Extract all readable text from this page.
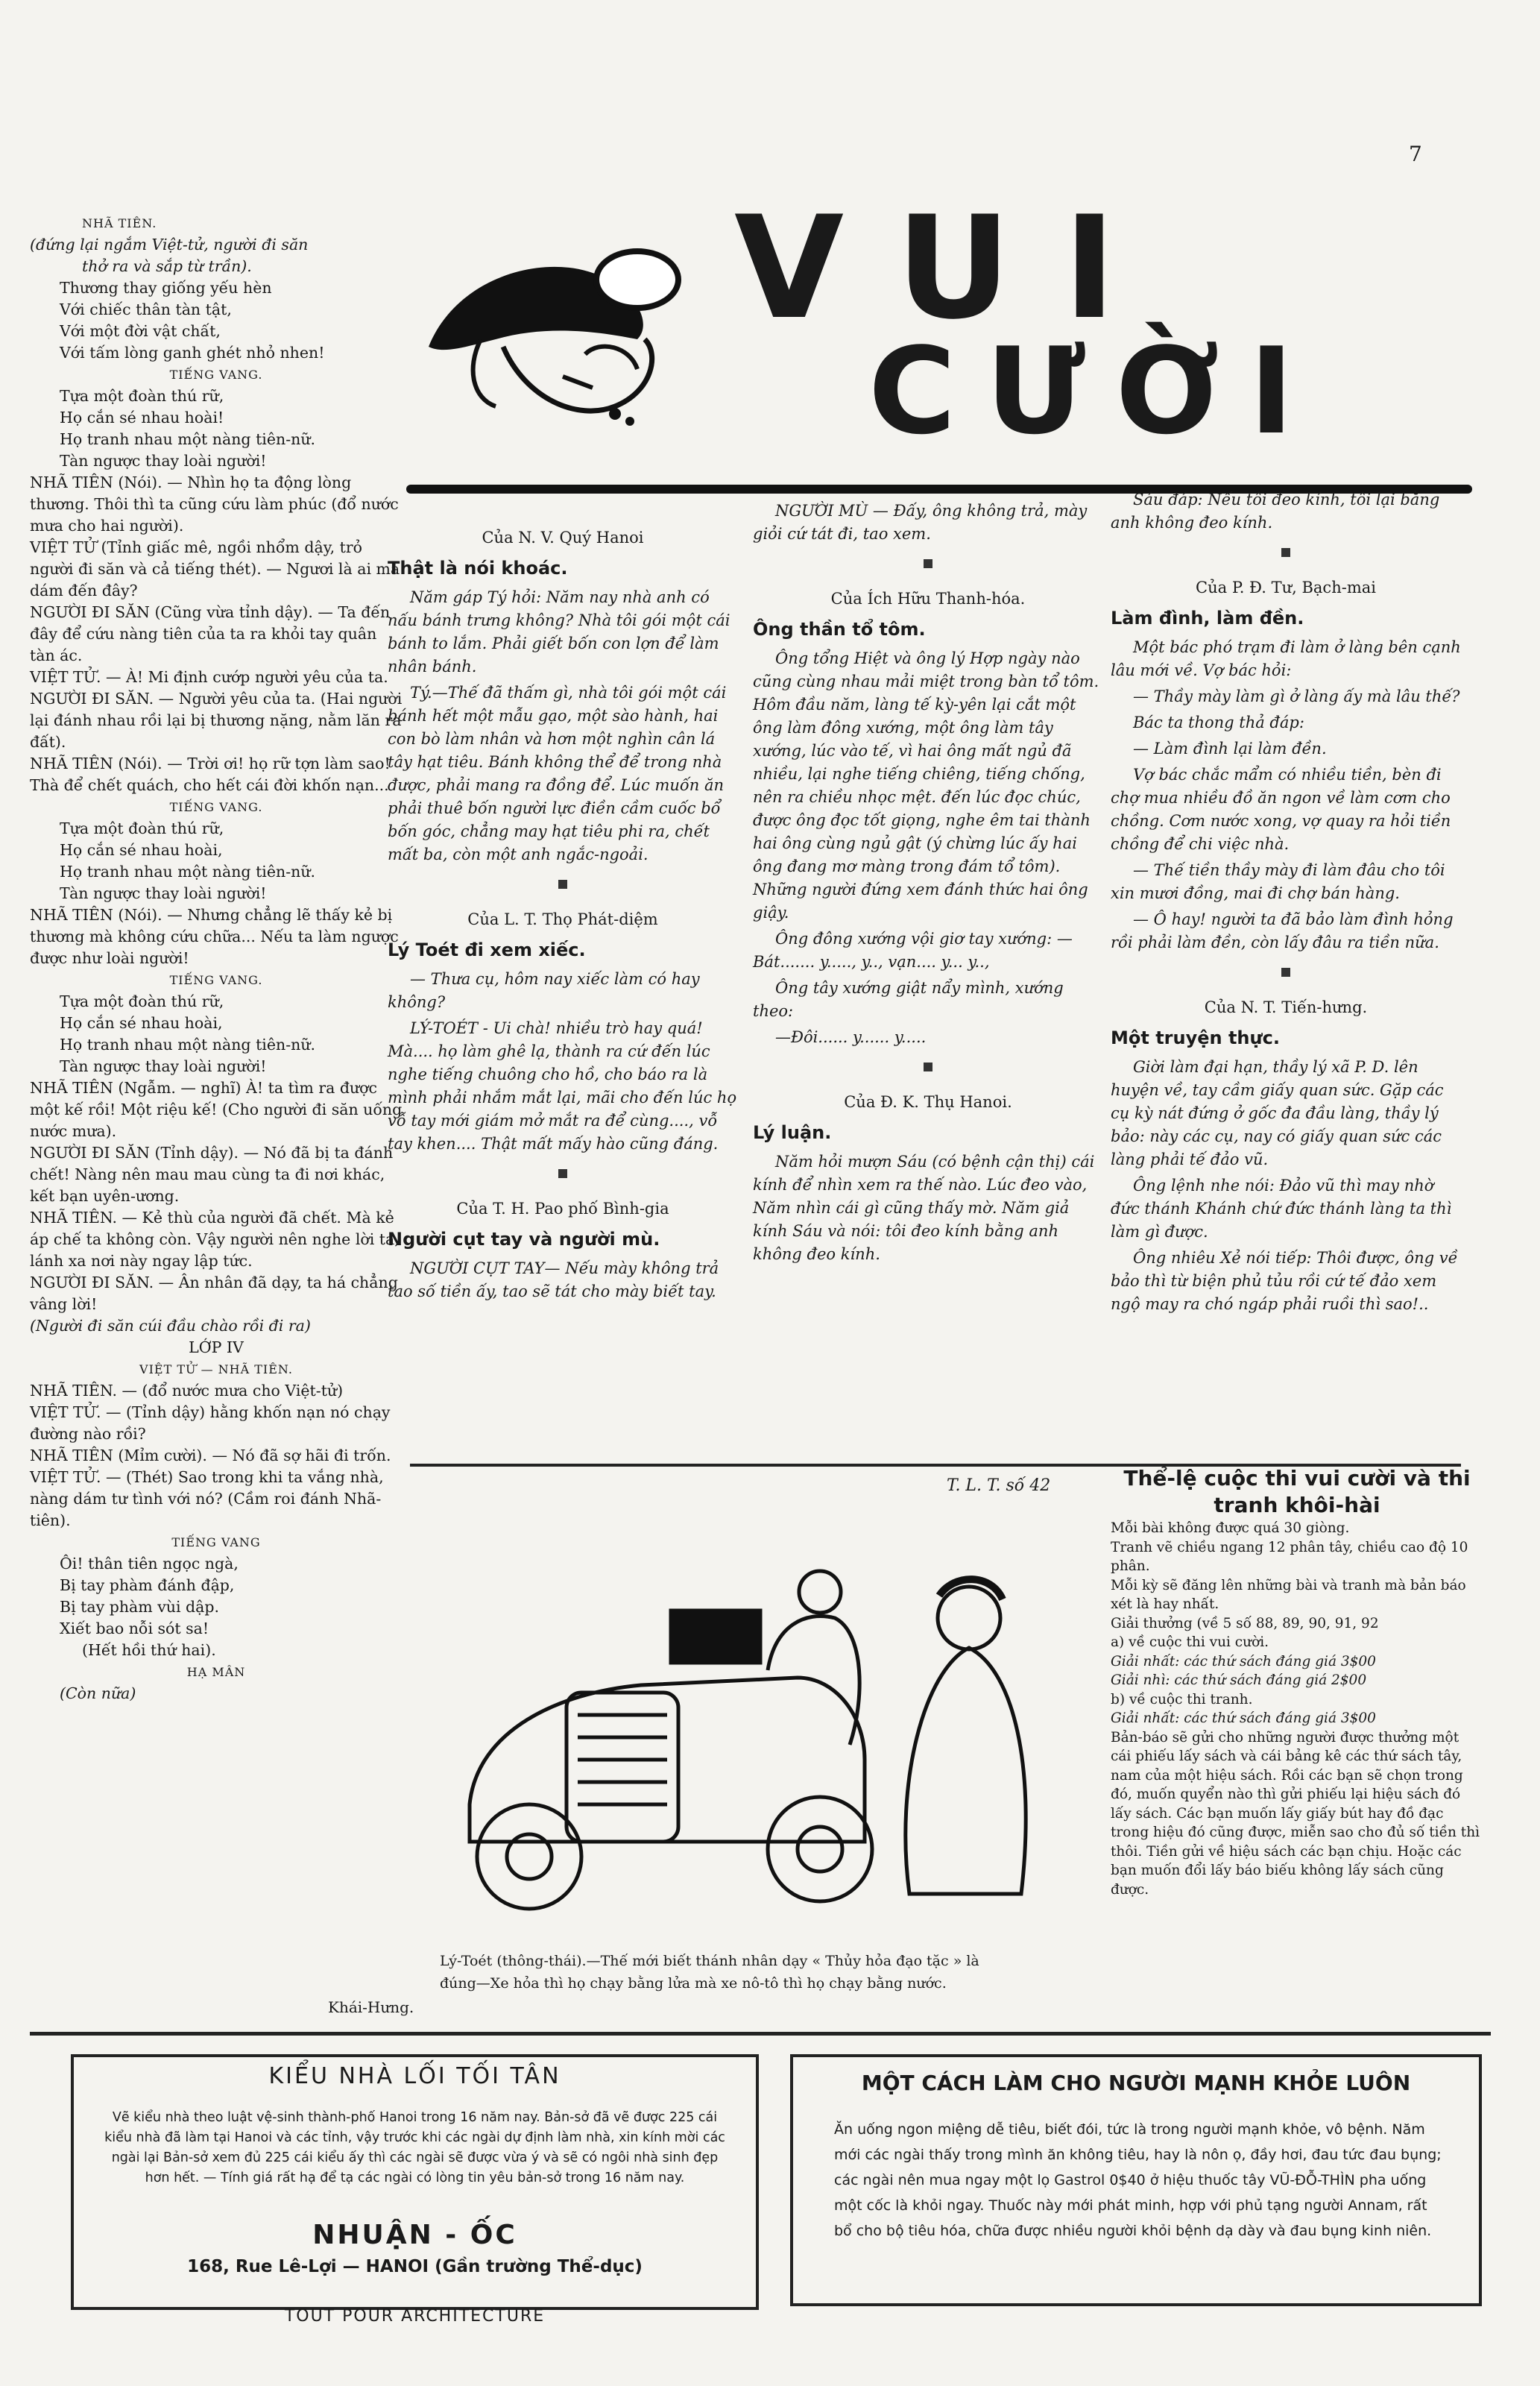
7

NHÃ TIÊN.

(đứng lại ngắm Việt-tử, người đi săn

thở ra và sắp từ trần).

Thương thay giống yếu hèn

Với chiếc thân tàn tật,

Với một đời vật chất,

Với tấm lòng ganh ghét nhỏ nhen!

TIẾNG VANG.

Tựa một đoàn thú rữ,

Họ cắn sé nhau hoài!

Họ tranh nhau một nàng tiên-nữ.

Tàn ngược thay loài người!

NHÃ TIÊN (Nói). — Nhìn họ ta động lòng thương. Thôi thì ta cũng cứu làm phúc (đổ nước mưa cho hai người).

VIỆT TỬ (Tỉnh giấc mê, ngồi nhổm dậy, trỏ người đi săn và cả tiếng thét). — Ngươi là ai mà dám đến đây?

NGƯỜI ĐI SĂN (Cũng vừa tỉnh dậy). — Ta đến đây để cứu nàng tiên của ta ra khỏi tay quân tàn ác.

VIỆT TỬ. — À! Mi định cướp người yêu của ta.

NGƯỜI ĐI SĂN. — Người yêu của ta. (Hai người lại đánh nhau rồi lại bị thương nặng, nằm lăn ra đất).

NHÃ TIÊN (Nói). — Trời ơi! họ rữ tợn làm sao! Thà để chết quách, cho hết cái đời khốn nạn...

TIẾNG VANG.

Tựa một đoàn thú rữ,

Họ cắn sé nhau hoài,

Họ tranh nhau một nàng tiên-nữ.

Tàn ngược thay loài người!

NHÃ TIÊN (Nói). — Nhưng chẳng lẽ thấy kẻ bị thương mà không cứu chữa... Nếu ta làm ngược được như loài người!

TIẾNG VANG.

Tựa một đoàn thú rữ,

Họ cắn sé nhau hoài,

Họ tranh nhau một nàng tiên-nữ.

Tàn ngược thay loài người!

NHÃ TIÊN (Ngẫm. — nghĩ) À! ta tìm ra được một kế rồi! Một riệu kế! (Cho người đi săn uống nước mưa).

NGƯỜI ĐI SĂN (Tỉnh dậy). — Nó đã bị ta đánh chết! Nàng nên mau mau cùng ta đi nơi khác, kết bạn uyên-ương.

NHÃ TIÊN. — Kẻ thù của người đã chết. Mà kẻ áp chế ta không còn. Vậy người nên nghe lời ta, lánh xa nơi này ngay lập tức.

NGƯỜI ĐI SĂN. — Ân nhân đã dạy, ta há chẳng vâng lời!

(Người đi săn cúi đầu chào rồi đi ra)

LỚP IV

VIỆT TỬ — NHÃ TIÊN.

NHÃ TIÊN. — (đổ nước mưa cho Việt-tử)

VIỆT TỬ. — (Tỉnh dậy) hằng khốn nạn nó chạy đường nào rồi?

NHÃ TIÊN (Mỉm cười). — Nó đã sợ hãi đi trốn.

VIỆT TỬ. — (Thét) Sao trong khi ta vắng nhà, nàng dám tư tình với nó? (Cầm roi đánh Nhã-tiên).

TIẾNG VANG

Ôi! thân tiên ngọc ngà,

Bị tay phàm đánh đập,

Bị tay phàm vùi dập.

Xiết bao nỗi sót sa!

(Hết hồi thứ hai).

HẠ MÂN

(Còn nữa)

VUI
CƯỜI

Của N. V. Quý Hanoi

Thật là nói khoác.

Năm gáp Tý hỏi: Năm nay nhà anh có nấu bánh trưng không? Nhà tôi gói một cái bánh to lắm. Phải giết bốn con lợn để làm nhân bánh.

Tý.—Thế đã thấm gì, nhà tôi gói một cái bánh hết một mẫu gạo, một sào hành, hai con bò làm nhân và hơn một nghìn cân lá tây hạt tiêu. Bánh không thể để trong nhà được, phải mang ra đồng để. Lúc muốn ăn phải thuê bốn người lực điền cầm cuốc bổ bốn góc, chẳng may hạt tiêu phi ra, chết mất ba, còn một anh ngắc-ngoải.

Của L. T. Thọ Phát-diệm

Lý Toét đi xem xiếc.

— Thưa cụ, hôm nay xiếc làm có hay không?

LÝ-TOÉT - Ui chà! nhiều trò hay quá! Mà.... họ làm ghê lạ, thành ra cứ đến lúc nghe tiếng chuông cho hồ, cho báo ra là mình phải nhắm mắt lại, mãi cho đến lúc họ vỗ tay mới giám mở mắt ra để cùng...., vỗ tay khen.... Thật mất mấy hào cũng đáng.

Của T. H. Pao phố Bình-gia

Người cụt tay và người mù.

NGƯỜI CỤT TAY— Nếu mày không trả tao số tiền ấy, tao sẽ tát cho mày biết tay.

NGƯỜI MÙ — Đấy, ông không trả, mày giỏi cứ tát đi, tao xem.

Của Ích Hữu Thanh-hóa.

Ông thần tổ tôm.

Ông tổng Hiệt và ông lý Hợp ngày nào cũng cùng nhau mải miệt trong bàn tổ tôm. Hôm đầu năm, làng tế kỳ-yên lại cắt một ông làm đông xướng, một ông làm tây xướng, lúc vào tế, vì hai ông mất ngủ đã nhiều, lại nghe tiếng chiêng, tiếng chống, nên ra chiều nhọc mệt. đến lúc đọc chúc, được ông đọc tốt giọng, nghe êm tai thành hai ông cùng ngủ gật (ý chừng lúc ấy hai ông đang mơ màng trong đám tổ tôm). Những người đứng xem đánh thức hai ông giậy.

Ông đông xướng vội giơ tay xướng: —Bát....... y....., y.., vạn.... y... y..,

Ông tây xướng giật nẩy mình, xướng theo:

—Đôi...... y...... y.....

Của Đ. K. Thụ Hanoi.

Lý luận.

Năm hỏi mượn Sáu (có bệnh cận thị) cái kính để nhìn xem ra thế nào. Lúc đeo vào, Năm nhìn cái gì cũng thấy mờ. Năm giả kính Sáu và nói: tôi đeo kính bằng anh không đeo kính.

Sáu đáp: Nếu tôi đeo kính, tôi lại bằng anh không đeo kính.

Của P. Đ. Tư, Bạch-mai

Làm đình, làm đền.

Một bác phó trạm đi làm ở làng bên cạnh lâu mới về. Vợ bác hỏi:

— Thầy mày làm gì ở làng ấy mà lâu thế?

Bác ta thong thả đáp:

— Làm đình lại làm đền.

Vợ bác chắc mẩm có nhiều tiền, bèn đi chợ mua nhiều đồ ăn ngon về làm cơm cho chồng. Cơm nước xong, vợ quay ra hỏi tiền chồng để chi việc nhà.

— Thế tiền thầy mày đi làm đâu cho tôi xin mươi đồng, mai đi chợ bán hàng.

— Ô hay! người ta đã bảo làm đình hỏng rồi phải làm đền, còn lấy đâu ra tiền nữa.

Của N. T. Tiến-hưng.

Một truyện thực.

Giời làm đại hạn, thầy lý xã P. D. lên huyện về, tay cầm giấy quan sức. Gặp các cụ kỳ nát đứng ở gốc đa đầu làng, thầy lý bảo: này các cụ, nay có giấy quan sức các làng phải tế đảo vũ.

Ông lệnh nhe nói: Đảo vũ thì may nhờ đức thánh Khánh chứ đức thánh làng ta thì làm gì được.

Ông nhiêu Xẻ nói tiếp: Thôi được, ông về bảo thì từ biện phủ tủu rồi cứ tế đảo xem ngộ may ra chó ngáp phải ruồi thì sao!..

T. L. T. số 42
Lý-Toét (thông-thái).—Thế mới biết thánh nhân dạy « Thủy hỏa đạo tặc » là
đúng—Xe hỏa thì họ chạy bằng lửa mà xe nô-tô thì họ chạy bằng nước.
Khái-Hưng.
Thể-lệ cuộc thi vui cười và thi tranh khôi-hài

Mỗi bài không được quá 30 giòng.

Tranh vẽ chiều ngang 12 phân tây, chiều cao độ 10 phân.

Mỗi kỳ sẽ đăng lên những bài và tranh mà bản báo xét là hay nhất.

Giải thưởng (về 5 số 88, 89, 90, 91, 92

a) về cuộc thi vui cười.

Giải nhất: các thứ sách đáng giá 3$00

Giải nhì: các thứ sách đáng giá 2$00

b) về cuộc thi tranh.

Giải nhất: các thứ sách đáng giá 3$00

Bản-báo sẽ gửi cho những người được thưởng một cái phiếu lấy sách và cái bảng kê các thứ sách tây, nam của một hiệu sách. Rồi các bạn sẽ chọn trong đó, muốn quyển nào thì gửi phiếu lại hiệu sách đó lấy sách. Các bạn muốn lấy giấy bút hay đồ đạc trong hiệu đó cũng được, miễn sao cho đủ số tiền thì thôi. Tiền gửi về hiệu sách các bạn chịu. Hoặc các bạn muốn đổi lấy báo biếu không lấy sách cũng được.

KIỂU NHÀ LỐI TỐI TÂN
Vẽ kiểu nhà theo luật vệ-sinh thành-phố Hanoi trong 16 năm nay. Bản-sở đã vẽ được 225 cái kiểu nhà đã làm tại Hanoi và các tỉnh, vậy trước khi các ngài dự định làm nhà, xin kính mời các ngài lại Bản-sở xem đủ 225 cái kiểu ấy thì các ngài sẽ được vừa ý và sẽ có ngôi nhà sinh đẹp hơn hết. — Tính giá rất hạ để tạ các ngài có lòng tin yêu bản-sở trong 16 năm nay.
NHUẬN - ỐC
168, Rue Lê-Lợi — HANOI (Gần trường Thể-dục)
TOUT POUR ARCHITECTURE
MỘT CÁCH LÀM CHO NGƯỜI MẠNH KHỎE LUÔN
Ăn uống ngon miệng dễ tiêu, biết đói, tức là trong người mạnh khỏe, vô bệnh. Năm mới các ngài thấy trong mình ăn không tiêu, hay là nôn ọ, đầy hơi, đau tức đau bụng; các ngài nên mua ngay một lọ Gastrol 0$40 ở hiệu thuốc tây VŨ-ĐỖ-THÌN pha uống một cốc là khỏi ngay. Thuốc này mới phát minh, hợp với phủ tạng người Annam, rất bổ cho bộ tiêu hóa, chữa được nhiều người khỏi bệnh dạ dày và đau bụng kinh niên.
